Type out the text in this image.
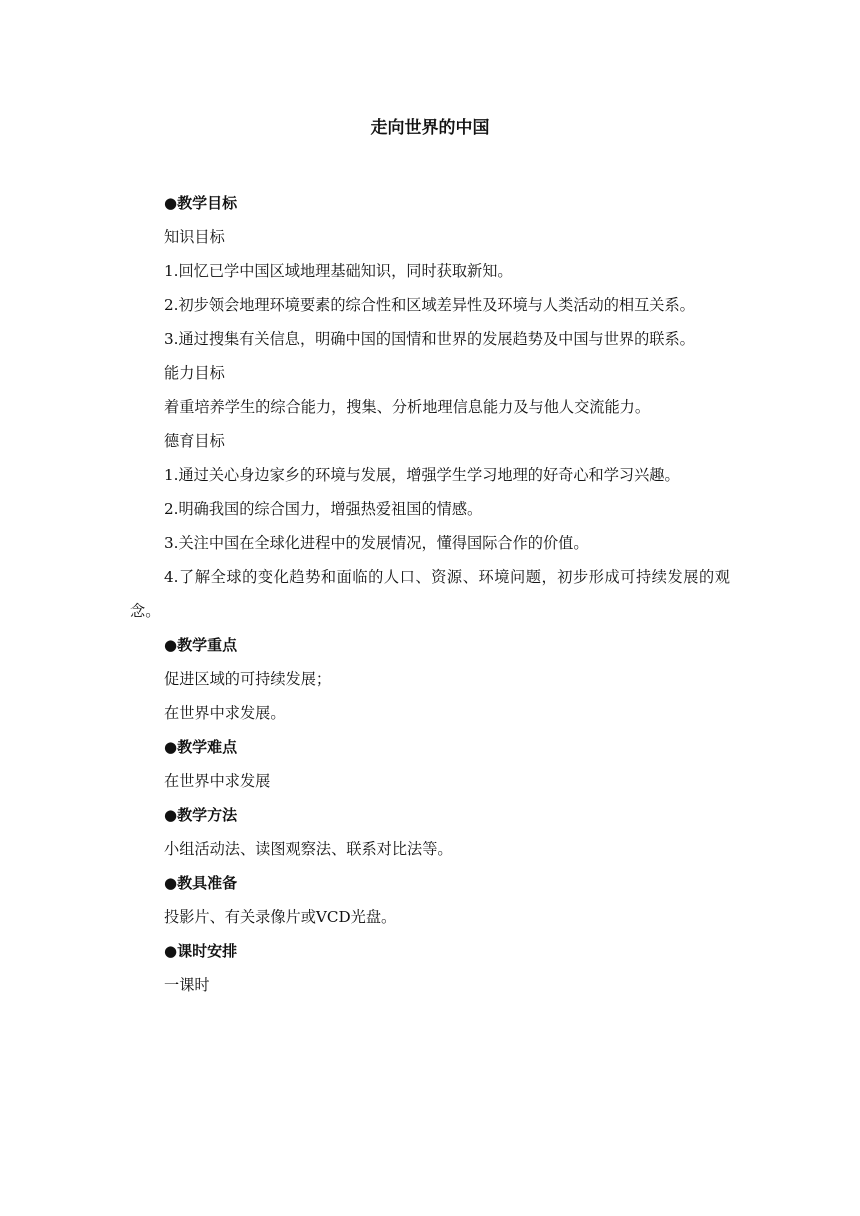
走向世界的中国

●教学目标

知识目标

1.回忆已学中国区域地理基础知识，同时获取新知。

2.初步领会地理环境要素的综合性和区域差异性及环境与人类活动的相互关系。

3.通过搜集有关信息，明确中国的国情和世界的发展趋势及中国与世界的联系。

能力目标

着重培养学生的综合能力，搜集、分析地理信息能力及与他人交流能力。

德育目标

1.通过关心身边家乡的环境与发展，增强学生学习地理的好奇心和学习兴趣。

2.明确我国的综合国力，增强热爱祖国的情感。

3.关注中国在全球化进程中的发展情况，懂得国际合作的价值。

4.了解全球的变化趋势和面临的人口、资源、环境问题，初步形成可持续发展的观念。

●教学重点

促进区域的可持续发展；

在世界中求发展。

●教学难点

在世界中求发展

●教学方法

小组活动法、读图观察法、联系对比法等。

●教具准备

投影片、有关录像片或VCD光盘。

●课时安排

一课时
